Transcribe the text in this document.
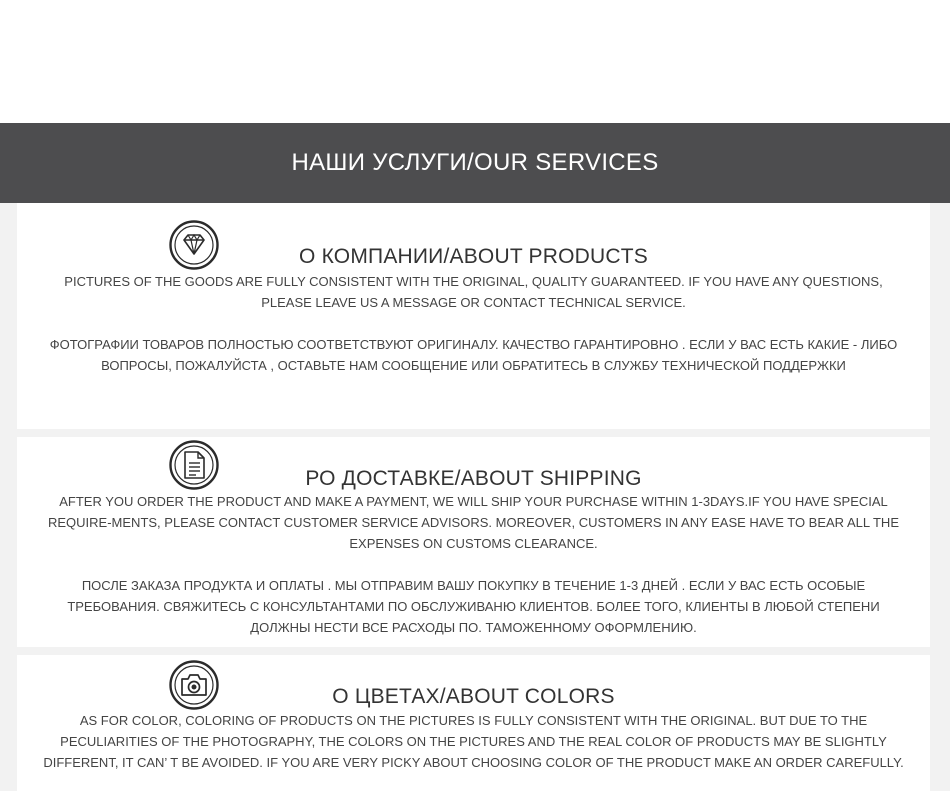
НАШИ УСЛУГИ/OUR SERVICES
О КОМПАНИИ/ABOUT PRODUCTS

PICTURES OF THE GOODS ARE FULLY CONSISTENT WITH THE ORIGINAL, QUALITY GUARANTEED. IF YOU HAVE ANY QUESTIONS, PLEASE LEAVE US A MESSAGE OR CONTACT TECHNICAL SERVICE.

ФОТОГРАФИИ ТОВАРОВ ПОЛНОСТЬЮ СООТВЕТСТВУЮТ ОРИГИНАЛУ. КАЧЕСТВО ГАРАНТИРОВНО . ЕСЛИ У ВАС ЕСТЬ КАКИЕ - ЛИБО ВОПРОСЫ, ПОЖАЛУЙСТА , ОСТАВЬТЕ НАМ СООБЩЕНИЕ ИЛИ ОБРАТИТЕСЬ В СЛУЖБУ ТЕХНИЧЕСКОЙ ПОДДЕРЖКИ

РО ДОСТАВКЕ/ABOUT SHIPPING

AFTER YOU ORDER THE PRODUCT AND MAKE A PAYMENT, WE WILL SHIP YOUR PURCHASE WITHIN 1-3DAYS.IF YOU HAVE SPECIAL REQUIRE-MENTS, PLEASE CONTACT CUSTOMER SERVICE ADVISORS. MOREOVER, CUSTOMERS IN ANY EASE HAVE TO BEAR ALL THE EXPENSES ON CUSTOMS CLEARANCE.

ПОСЛЕ ЗАКАЗА ПРОДУКТА И ОПЛАТЫ . МЫ ОТПРАВИМ ВАШУ ПОКУПКУ В ТЕЧЕНИЕ 1-3 ДНЕЙ . ЕСЛИ У ВАС ЕСТЬ ОСОБЫЕ ТРЕБОВАНИЯ. СВЯЖИТЕСЬ С КОНСУЛЬТАНТАМИ ПО ОБСЛУЖИВАНЮ КЛИЕНТОВ. БОЛЕЕ ТОГО, КЛИЕНТЫ В ЛЮБОЙ СТЕПЕНИ ДОЛЖНЫ НЕСТИ ВСЕ РАСХОДЫ ПО. ТАМОЖЕННОМУ ОФОРМЛЕНИЮ.

О ЦВЕТАХ/ABOUT COLORS

AS FOR COLOR, COLORING OF PRODUCTS ON THE PICTURES IS FULLY CONSISTENT WITH THE ORIGINAL. BUT DUE TO THE PECULIARITIES OF THE PHOTOGRAPHY, THE COLORS ON THE PICTURES AND THE REAL COLOR OF PRODUCTS MAY BE SLIGHTLY DIFFERENT, IT CAN’ T BE AVOIDED. IF YOU ARE VERY PICKY ABOUT CHOOSING COLOR OF THE PRODUCT MAKE AN ORDER CAREFULLY.
